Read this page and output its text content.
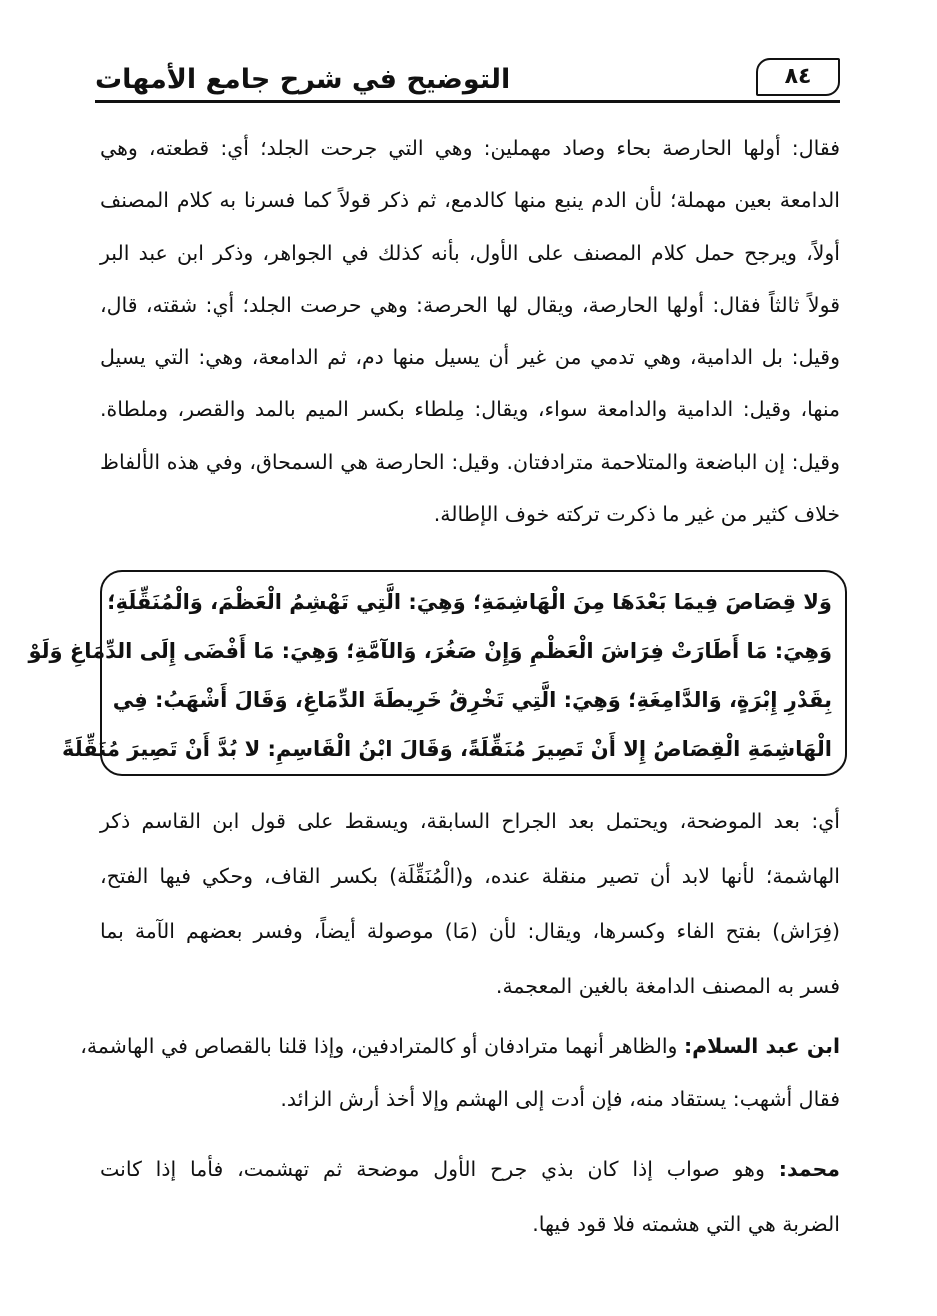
التوضيح في شرح جامع الأمهات	٨٤
فقال: أولها الحارصة بحاء وصاد مهملين: وهي التي جرحت الجلد؛ أي: قطعته، وهي
الدامعة بعين مهملة؛ لأن الدم ينبع منها كالدمع، ثم ذكر قولاً كما فسرنا به كلام المصنف
أولاً، ويرجح حمل كلام المصنف على الأول، بأنه كذلك في الجواهر، وذكر ابن عبد البر
قولاً ثالثاً فقال: أولها الحارصة، ويقال لها الحرصة: وهي حرصت الجلد؛ أي: شقته، قال،
وقيل: بل الدامية، وهي تدمي من غير أن يسيل منها دم، ثم الدامعة، وهي: التي يسيل
منها، وقيل: الدامية والدامعة سواء، ويقال: مِلطاء بكسر الميم بالمد والقصر، وملطاة.
وقيل: إن الباضعة والمتلاحمة مترادفتان. وقيل: الحارصة هي السمحاق، وفي هذه الألفاظ
خلاف كثير من غير ما ذكرت تركته خوف الإطالة.
وَلا قِصَاصَ فِيمَا بَعْدَهَا مِنَ الْهَاشِمَةِ؛ وَهِيَ: الَّتِي تَهْشِمُ الْعَظْمَ، وَالْمُنَقِّلَةِ؛
وَهِيَ: مَا أَطَارَتْ فِرَاشَ الْعَظْمِ وَإِنْ صَغُرَ، وَالآمَّةِ؛ وَهِيَ: مَا أَفْضَى إِلَى الدِّمَاغِ وَلَوْ
بِقَدْرِ إِبْرَةٍ، وَالدَّامِغَةِ؛ وَهِيَ: الَّتِي تَخْرِقُ خَرِيطَةَ الدِّمَاغِ، وَقَالَ أَشْهَبُ: فِي
الْهَاشِمَةِ الْقِصَاصُ إِلا أَنْ تَصِيرَ مُنَقِّلَةً، وَقَالَ ابْنُ الْقَاسِمِ: لا بُدَّ أَنْ تَصِيرَ مُنَقِّلَةً
أي: بعد الموضحة، ويحتمل بعد الجراح السابقة، ويسقط على قول ابن القاسم ذكر
الهاشمة؛ لأنها لابد أن تصير منقلة عنده، و(الْمُنَقِّلَة) بكسر القاف، وحكي فيها الفتح،
(فِرَاش) بفتح الفاء وكسرها، ويقال: لأن (مَا) موصولة أيضاً، وفسر بعضهم الآمة بما
فسر به المصنف الدامغة بالغين المعجمة.
ابن عبد السلام: والظاهر أنهما مترادفان أو كالمترادفين، وإذا قلنا بالقصاص في الهاشمة،
فقال أشهب: يستقاد منه، فإن أدت إلى الهشم وإلا أخذ أرش الزائد.
محمد: وهو صواب إذا كان بذي جرح الأول موضحة ثم تهشمت، فأما إذا كانت
الضربة هي التي هشمته فلا قود فيها.
